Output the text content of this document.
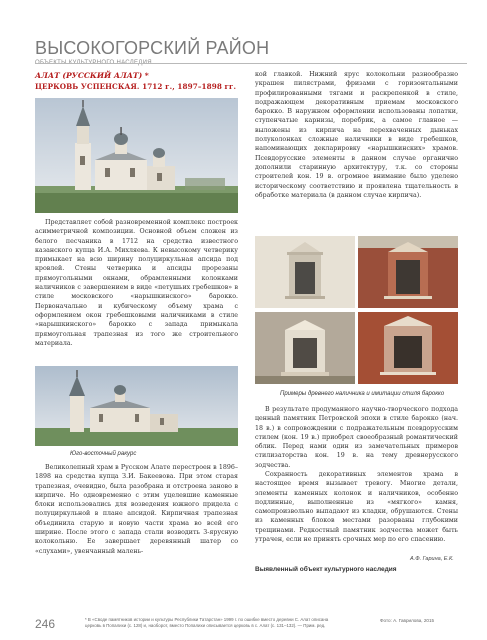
ВЫСОКОГОРСКИЙ РАЙОН
АЛАТ (РУССКИЙ АЛАТ) *
ЦЕРКОВЬ УСПЕНСКАЯ. 1712 г., 1897–1898 гг.
Представляет собой разновременной комплекс построек асимметричной композиции. Основной объем сложен из белого песчаника в 1712 на средства известного казанского купца И.А. Михляева. К невысокому четверику примыкает на всю ширину полуциркульная апсида под кровлей. Стены четверика и апсиды прорезаны прямоугольными окнами, обрамленными колонками наличников с завершением в виде «петушьих гребешков» в стиле московского «нарышкинского» барокко. Первоначально и кубическому объему храма с оформлением окон гребешковыми наличниками в стиле «нарышкинского» барокко с запада примыкала прямоугольная трапезная из того же строительного материала.
Юго-восточный ракурс
Великолепный храм в Русском Алате перестроен в 1896–1898 на средства купца З.И. Бакеевова. При этом старая трапезная, очевидно, была разобрана и отстроена заново в кирпиче. Но одновременно с этим уцелевшие каменные блоки использовались для возведения южного придела с полуциркульной в плане апсидой. Кирпичная трапезная объединила старую и новую части храма во всей его ширине. После этого с запада стали возводить 3-ярусную колокольню. Ее завершает деревянный шатер со «слухами», увенчанный малень-
кой главкой. Нижний ярус колокольни разнообразно украшен пилястрами, фризами с горизонтальными профилированными тягами и раскрепенкой в стиле, подражающем декоративным приемам московского барокко. В наружном оформлении использованы лопатки, ступенчатые карнизы, поребрик, а самое главное — выложены из кирпича на перехваченных дыньках полуколонках сложные наличники в виде гребешков, напоминающих декларировку «нарышкинских» храмов. Псевдорусские элементы в данном случае органично дополнили старинную архитектуру, т.к. со стороны строителей кон. 19 в. огромное внимание было уделено историческому соответствию и проявлена тщательность в обработке материала (в данном случае кирпича).
Примеры древнего наличника и имитации стиля барокко
В результате продуманного научно-творческого подхода ценный памятник Петровской эпохи в стиле барокко (нач. 18 в.) в сопровождении с подражательным псевдорусским стилем (кон. 19 в.) приобрел своеобразный романтический облик. Перед нами один из замечательных примеров стилизаторства кон. 19 в. на тему древнерусского зодчества.
Сохранность декоративных элементов храма в настоящее время вызывает тревогу. Многие детали, элементы каменных колонок и наличников, особенно подлинные, выполненные из «мягкого» камня, самопроизвольно выпадают из кладки, обрушаются. Стены из каменных блоков местами разорваны глубокими трещинами. Редкостный памятник зодчества может быть утрачен, если не принять срочных мер по его спасению.
А.Ф. Гарина, Е.К.
Выявленный объект культурного наследия
246	* В «Своде памятников истории и культуры Республики Татарстан» 1999 г. по ошибке вместо деревни С. Алат описана церковь в Попалихи (с. 128) и, наоборот, вместо Попалихи описывается церковь в с. Алат (с. 131–132). — Прим. ред.
Фото: А. Гаврилова, 2015
